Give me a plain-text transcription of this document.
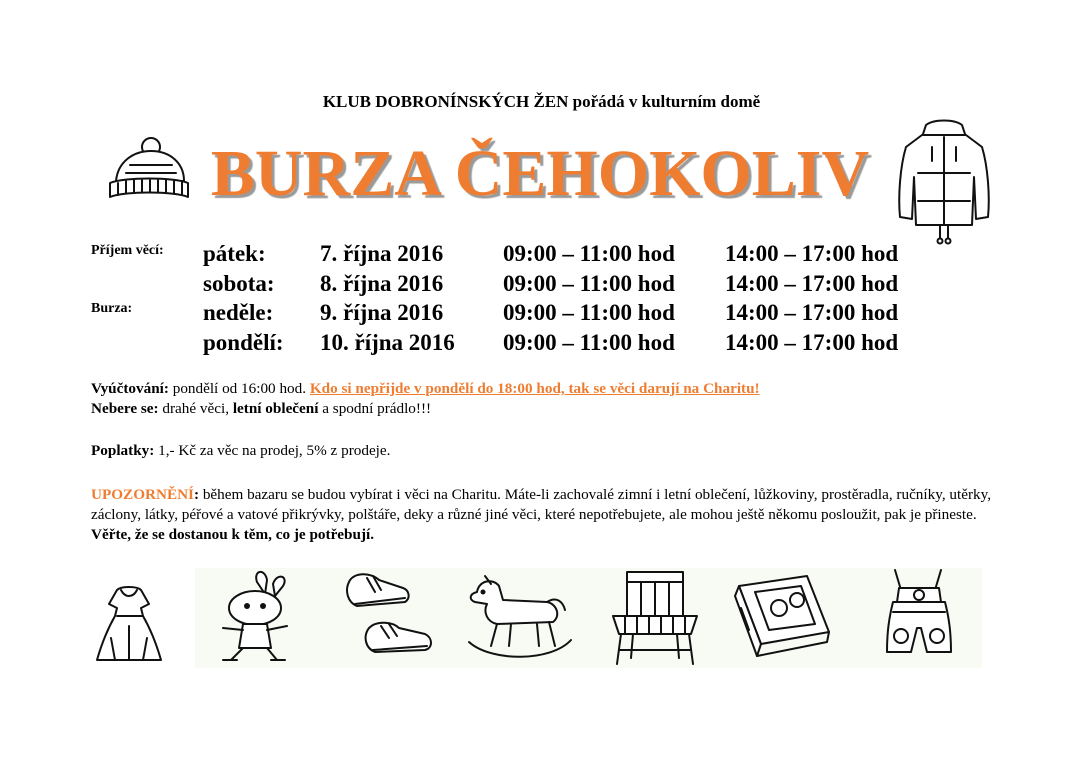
KLUB DOBRONÍNSKÝCH ŽEN pořádá v kulturním domě
BURZA ČEHOKOLIV
Příjem věcí:
Burza:
pátek: 7. října 2016	09:00 – 11:00 hod 14:00 – 17:00 hod
sobota: 8. října 2016	09:00 – 11:00 hod 14:00 – 17:00 hod
neděle: 9. října 2016	09:00 – 11:00 hod 14:00 – 17:00 hod
pondělí: 10. října 2016 09:00 – 11:00 hod 14:00 – 17:00 hod
Vyúčtování: pondělí od 16:00 hod. Kdo si nepřijde v pondělí do 18:00 hod, tak se věci darují na Charitu!
Nebere se: drahé věci, letní oblečení a spodní prádlo!!!
Poplatky: 1,- Kč za věc na prodej, 5% z prodeje.
UPOZORNĚNÍ: během bazaru se budou vybírat i věci na Charitu. Máte-li zachovalé zimní i letní oblečení, lůžkoviny, prostěradla, ručníky, utěrky, záclony, látky, péřové a vatové přikrývky, polštáře, deky a různé jiné věci, které nepotřebujete, ale mohou ještě někomu posloužit, pak je přineste. Věřte, že se dostanou k těm, co je potřebují.
